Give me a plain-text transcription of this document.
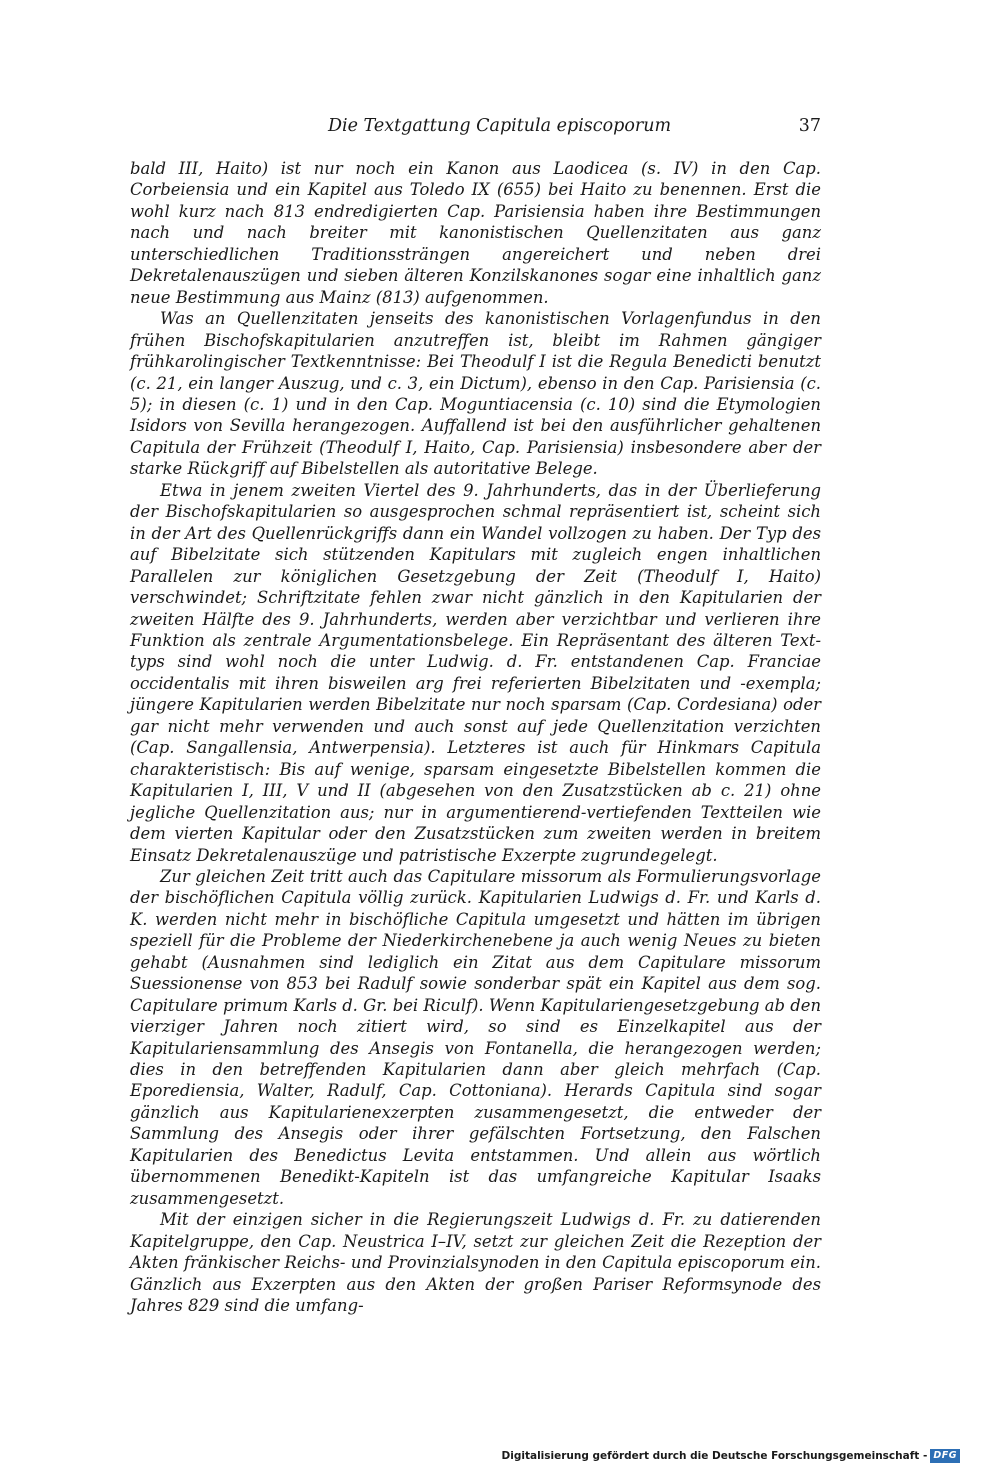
Die Textgattung Capitula episcoporum	37

bald III, Haito) ist nur noch ein Kanon aus Laodicea (s. IV) in den Cap. Corbeiensia und ein Kapitel aus Toledo IX (655) bei Haito zu benennen. Erst die wohl kurz nach 813 endredigierten Cap. Parisiensia haben ihre Bestimmungen nach und nach breiter mit kanonistischen Quellenzitaten aus ganz unterschiedlichen Traditionssträngen angereichert und neben drei Dekretalenauszügen und sieben älteren Konzilskanones sogar eine inhaltlich ganz neue Bestimmung aus Mainz (813) aufgenommen.

Was an Quellenzitaten jenseits des kanonistischen Vorlagenfundus in den frühen Bischofskapitularien anzutreffen ist, bleibt im Rahmen gängiger frühkarolingischer Textkenntnisse: Bei Theodulf I ist die Regula Benedicti benutzt (c. 21, ein langer Auszug, und c. 3, ein Dictum), ebenso in den Cap. Parisiensia (c. 5); in diesen (c. 1) und in den Cap. Moguntiacensia (c. 10) sind die Etymologien Isidors von Sevilla herangezogen. Auffallend ist bei den ausführlicher gehaltenen Capitula der Frühzeit (Theodulf I, Haito, Cap. Parisiensia) insbesondere aber der starke Rückgriff auf Bibelstellen als autoritative Belege.

Etwa in jenem zweiten Viertel des 9. Jahrhunderts, das in der Überlieferung der Bischofskapitularien so ausgesprochen schmal repräsentiert ist, scheint sich in der Art des Quellenrückgriffs dann ein Wandel vollzogen zu haben. Der Typ des auf Bibelzitate sich stützenden Kapitulars mit zugleich engen inhaltlichen Parallelen zur königlichen Gesetzgebung der Zeit (Theodulf I, Haito) verschwindet; Schriftzitate fehlen zwar nicht gänzlich in den Kapitularien der zweiten Hälfte des 9. Jahrhunderts, werden aber verzichtbar und verlieren ihre Funktion als zentrale Argumentationsbelege. Ein Repräsentant des älteren Texttyps sind wohl noch die unter Ludwig. d. Fr. entstandenen Cap. Franciae occidentalis mit ihren bisweilen arg frei referierten Bibelzitaten und -exempla; jüngere Kapitularien werden Bibelzitate nur noch sparsam (Cap. Cordesiana) oder gar nicht mehr verwenden und auch sonst auf jede Quellenzitation verzichten (Cap. Sangallensia, Antwerpensia). Letzteres ist auch für Hinkmars Capitula charakteristisch: Bis auf wenige, sparsam eingesetzte Bibelstellen kommen die Kapitularien I, III, V und II (abgesehen von den Zusatzstücken ab c. 21) ohne jegliche Quellenzitation aus; nur in argumentierend-vertiefenden Textteilen wie dem vierten Kapitular oder den Zusatzstücken zum zweiten werden in breitem Einsatz Dekretalenauszüge und patristische Exzerpte zugrundegelegt.

Zur gleichen Zeit tritt auch das Capitulare missorum als Formulierungsvorlage der bischöflichen Capitula völlig zurück. Kapitularien Ludwigs d. Fr. und Karls d. K. werden nicht mehr in bischöfliche Capitula umgesetzt und hätten im übrigen speziell für die Probleme der Niederkirchenebene ja auch wenig Neues zu bieten gehabt (Ausnahmen sind lediglich ein Zitat aus dem Capitulare missorum Suessionense von 853 bei Radulf sowie sonderbar spät ein Kapitel aus dem sog. Capitulare primum Karls d. Gr. bei Riculf). Wenn Kapitulariengesetzgebung ab den vierziger Jahren noch zitiert wird, so sind es Einzelkapitel aus der Kapitulariensammlung des Ansegis von Fontanella, die herangezogen werden; dies in den betreffenden Kapitularien dann aber gleich mehrfach (Cap. Eporediensia, Walter, Radulf, Cap. Cottoniana). Herards Capitula sind sogar gänzlich aus Kapitularienexzerpten zusammengesetzt, die entweder der Sammlung des Ansegis oder ihrer gefälschten Fortsetzung, den Falschen Kapitularien des Benedictus Levita entstammen. Und allein aus wörtlich übernommenen Benedikt-Kapiteln ist das umfangreiche Kapitular Isaaks zusammengesetzt.

Mit der einzigen sicher in die Regierungszeit Ludwigs d. Fr. zu datierenden Kapitelgruppe, den Cap. Neustrica I–IV, setzt zur gleichen Zeit die Rezeption der Akten fränkischer Reichs- und Provinzialsynoden in den Capitula episcoporum ein. Gänzlich aus Exzerpten aus den Akten der großen Pariser Reformsynode des Jahres 829 sind die umfang-

Digitalisierung gefördert durch die Deutsche Forschungsgemeinschaft - DFG
